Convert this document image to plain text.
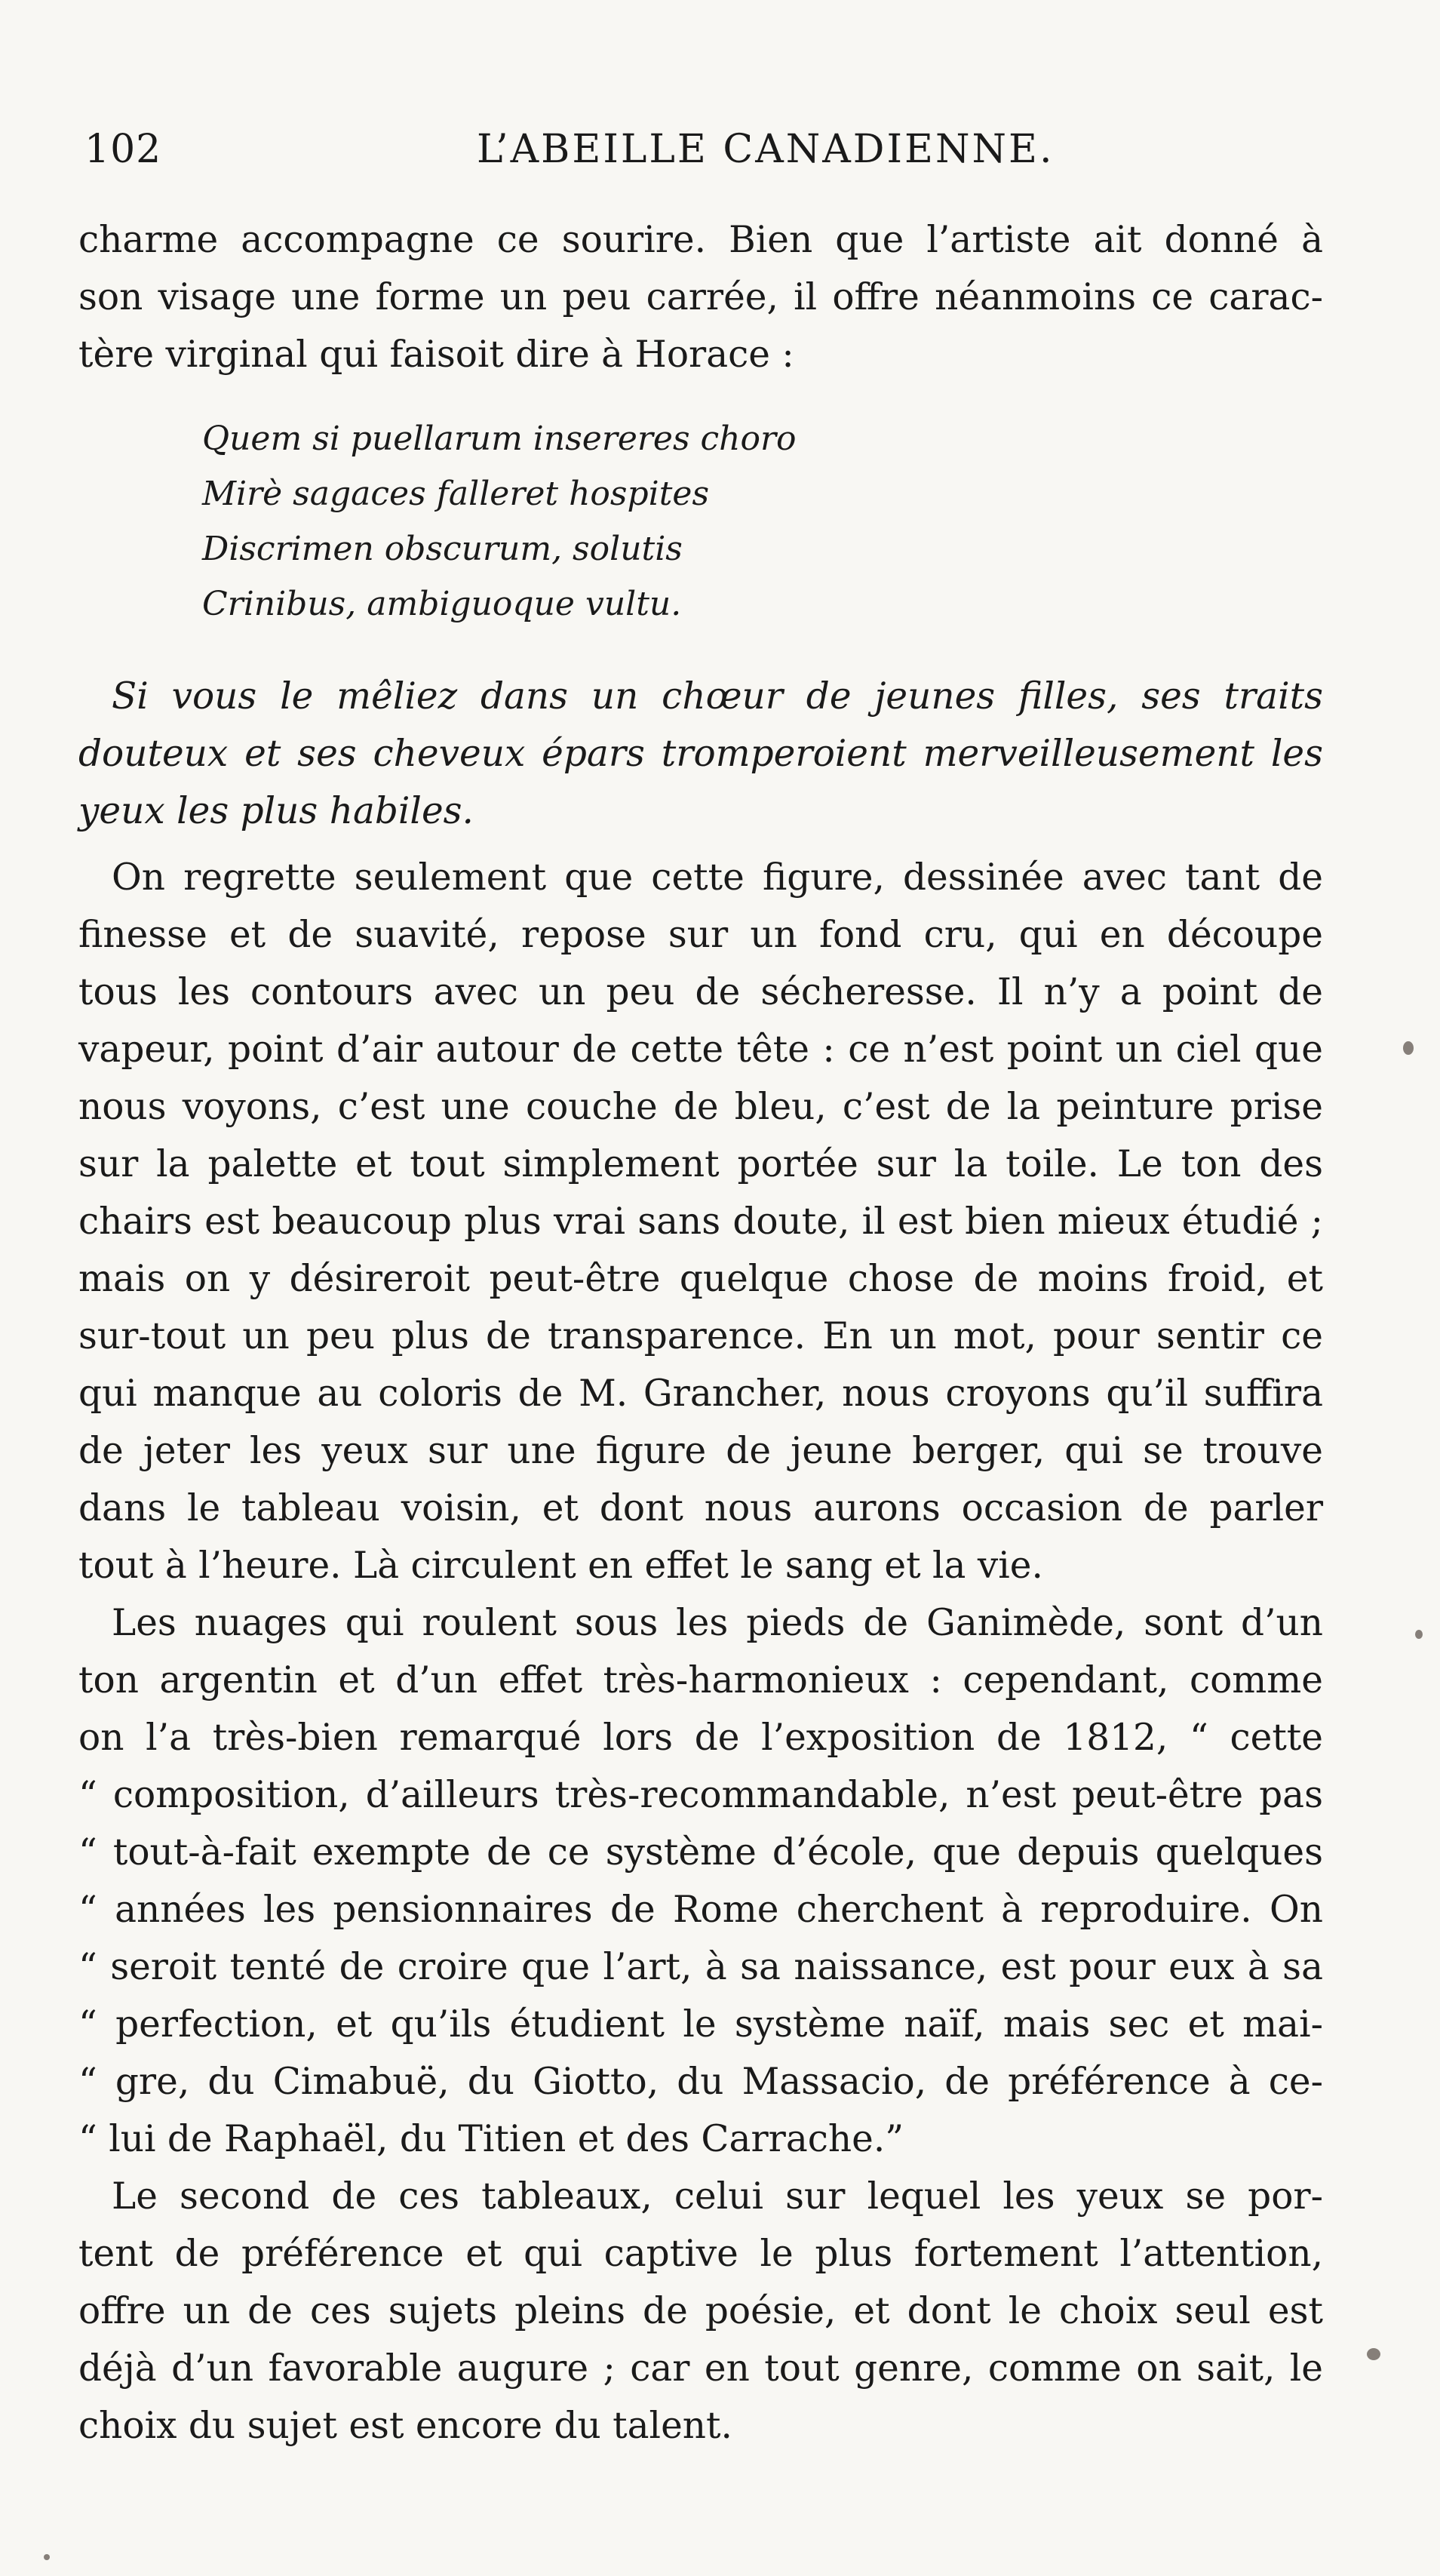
102	L’ABEILLE CANADIENNE.
charme accompagne ce sourire. Bien que l’artiste ait donné à
son visage une forme un peu carrée, il offre néanmoins ce carac-
tère virginal qui faisoit dire à Horace :
Quem si puellarum insereres choro
Mirè sagaces falleret hospites
Discrimen obscurum, solutis
Crinibus, ambiguoque vultu.
Si vous le mêliez dans un chœur de jeunes filles, ses traits
douteux et ses cheveux épars tromperoient merveilleusement les
yeux les plus habiles.
On regrette seulement que cette figure, dessinée avec tant de
finesse et de suavité, repose sur un fond cru, qui en découpe
tous les contours avec un peu de sécheresse. Il n’y a point de
vapeur, point d’air autour de cette tête : ce n’est point un ciel que
nous voyons, c’est une couche de bleu, c’est de la peinture prise
sur la palette et tout simplement portée sur la toile. Le ton des
chairs est beaucoup plus vrai sans doute, il est bien mieux étudié ;
mais on y désireroit peut-être quelque chose de moins froid, et
sur-tout un peu plus de transparence. En un mot, pour sentir ce
qui manque au coloris de M. Grancher, nous croyons qu’il suffira
de jeter les yeux sur une figure de jeune berger, qui se trouve
dans le tableau voisin, et dont nous aurons occasion de parler
tout à l’heure. Là circulent en effet le sang et la vie.
Les nuages qui roulent sous les pieds de Ganimède, sont d’un
ton argentin et d’un effet très-harmonieux : cependant, comme
on l’a très-bien remarqué lors de l’exposition de 1812, “ cette
“ composition, d’ailleurs très-recommandable, n’est peut-être pas
“ tout-à-fait exempte de ce système d’école, que depuis quelques
“ années les pensionnaires de Rome cherchent à reproduire. On
“ seroit tenté de croire que l’art, à sa naissance, est pour eux à sa
“ perfection, et qu’ils étudient le système naïf, mais sec et mai-
“ gre, du Cimabuë, du Giotto, du Massacio, de préférence à ce-
“ lui de Raphaël, du Titien et des Carrache.”
Le second de ces tableaux, celui sur lequel les yeux se por-
tent de préférence et qui captive le plus fortement l’attention,
offre un de ces sujets pleins de poésie, et dont le choix seul est
déjà d’un favorable augure ; car en tout genre, comme on sait, le
choix du sujet est encore du talent.
